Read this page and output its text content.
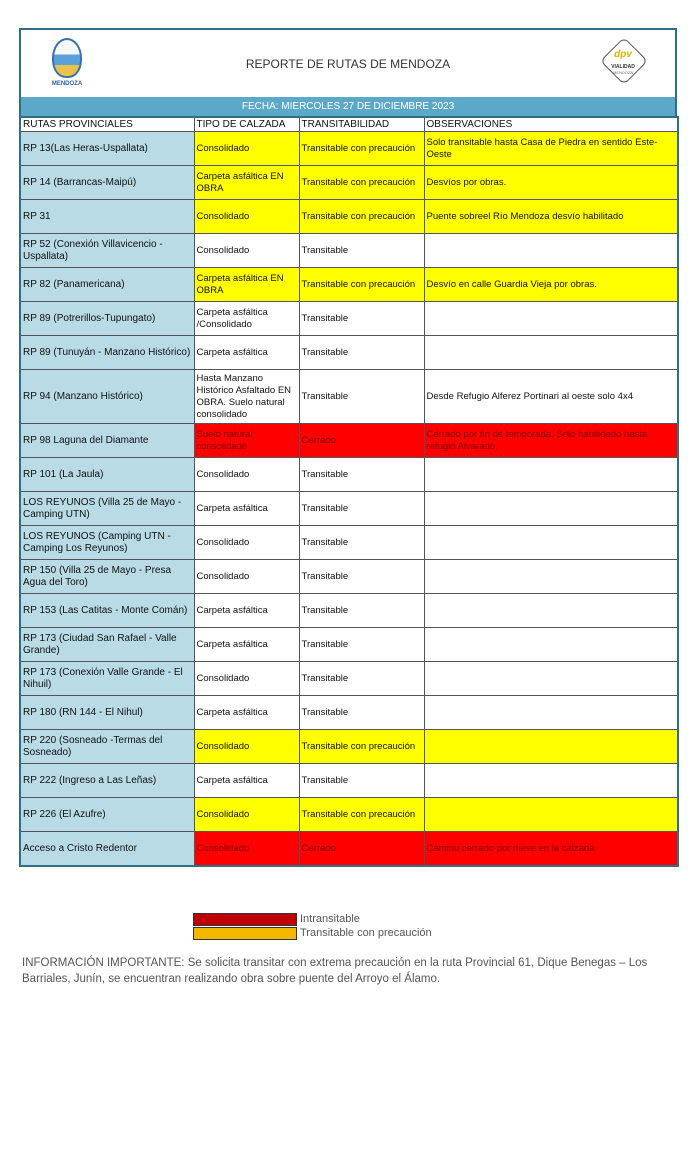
MENDOZA
REPORTE DE RUTAS DE MENDOZA
dpv
VIALIDAD
MENDOZA
FECHA: MIERCOLES 27 DE DICIEMBRE 2023
RUTAS PROVINCIALES	TIPO DE CALZADA	TRANSITABILIDAD	OBSERVACIONES
RP 13(Las Heras-Uspallata)	Consolidado	Transitable con precaución	Solo transitable hasta Casa de Piedra en sentido Este-Oeste
RP 14 (Barrancas-Maipú)	Carpeta asfáltica EN OBRA	Transitable con precaución	Desvíos por obras.
RP 31	Consolidado	Transitable con precaución	Puente sobreel Río Mendoza desvío habilitado
RP 52 (Conexión Villavicencio - Uspallata)	Consolidado	Transitable	
RP 82 (Panamericana)	Carpeta asfáltica EN OBRA	Transitable con precaución	Desvío en calle Guardia Vieja por obras.
RP 89 (Potrerillos-Tupungato)	Carpeta asfáltica /Consolidado	Transitable	
RP 89 (Tunuyán - Manzano Histórico)	Carpeta asfáltica	Transitable	
RP 94 (Manzano Histórico)	Hasta Manzano Histórico Asfaltado EN OBRA. Suelo natural consolidado	Transitable	Desde Refugio Alferez Portinari al oeste solo 4x4
RP 98 Laguna del Diamante	Suelo natural consolidado	Cerrado	Cerrado por fin de temporada. Solo habilidado hasta refugio Alvarado.
RP 101 (La Jaula)	Consolidado	Transitable	
LOS REYUNOS (Villa 25 de Mayo - Camping UTN)	Carpeta asfáltica	Transitable	
LOS REYUNOS (Camping UTN - Camping Los Reyunos)	Consolidado	Transitable	
RP 150 (Villa 25 de Mayo - Presa Agua del Toro)	Consolidado	Transitable	
RP 153 (Las Catitas - Monte Comán)	Carpeta asfáltica	Transitable	
RP 173 (Ciudad San Rafael - Valle Grande)	Carpeta asfáltica	Transitable	
RP 173 (Conexión Valle Grande - El Nihuil)	Consolidado	Transitable	
RP 180 (RN 144 - El Nihul)	Carpeta asfáltica	Transitable	
RP 220 (Sosneado -Termas del Sosneado)	Consolidado	Transitable con precaución	
RP 222 (Ingreso a Las Leñas)	Carpeta asfáltica	Transitable	
RP 226 (El Azufre)	Consolidado	Transitable con precaución	
Acceso a Cristo Redentor	Consolidado	Cerrado	Camino cerrado por nieve en la calzada.
Intransitable
Transitable con precaución
INFORMACIÓN IMPORTANTE: Se solicita transitar con extrema precaución en la ruta Provincial 61, Dique Benegas – Los Barriales, Junín, se encuentran realizando obra sobre puente del Arroyo el Álamo.
